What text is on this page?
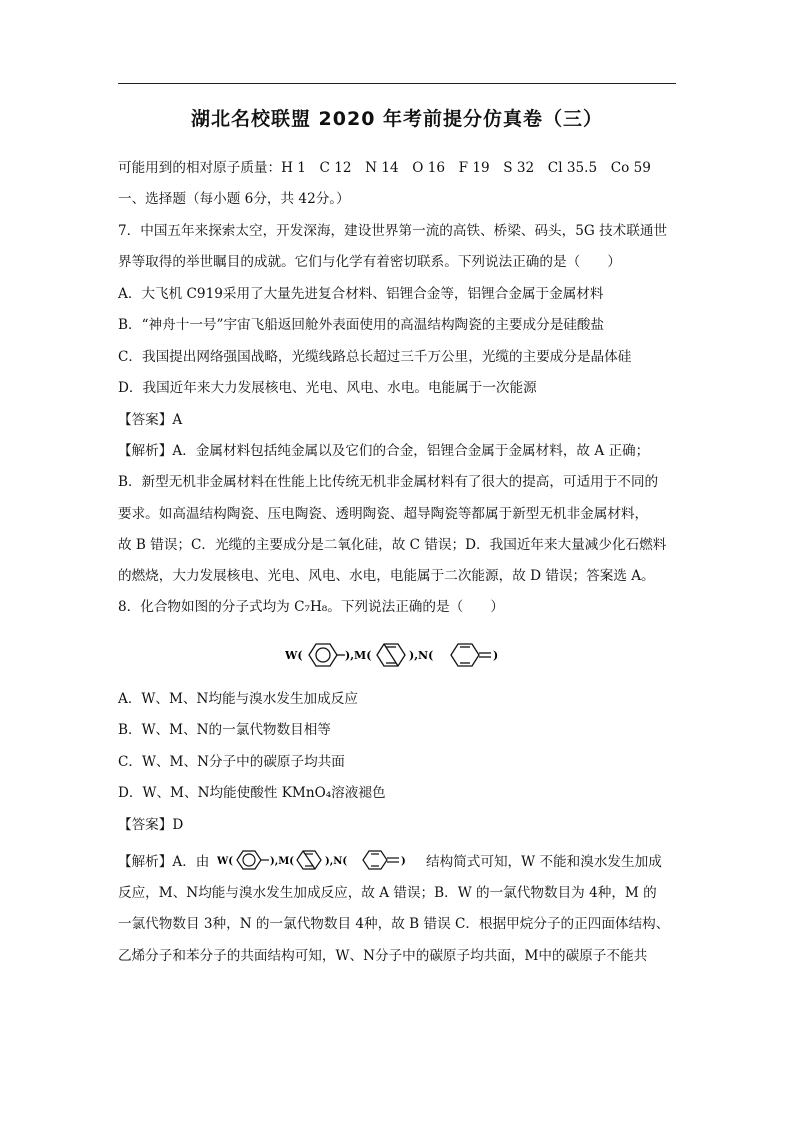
湖北名校联盟 2020 年考前提分仿真卷（三）
可能用到的相对原子质量：H 1　C 12　N 14　O 16　F 19　S 32　Cl 35.5　Co 59
一、选择题（每小题 6分，共 42分。）
7．中国五年来探索太空，开发深海，建设世界第一流的高铁、桥梁、码头，5G 技术联通世
界等取得的举世瞩目的成就。它们与化学有着密切联系。下列说法正确的是（　　）
A．大飞机 C919采用了大量先进复合材料、铝锂合金等，铝锂合金属于金属材料
B．“神舟十一号”宇宙飞船返回舱外表面使用的高温结构陶瓷的主要成分是硅酸盐
C．我国提出网络强国战略，光缆线路总长超过三千万公里，光缆的主要成分是晶体硅
D．我国近年来大力发展核电、光电、风电、水电。电能属于一次能源
【答案】A
【解析】A．金属材料包括纯金属以及它们的合金，铝锂合金属于金属材料，故 A 正确；
B．新型无机非金属材料在性能上比传统无机非金属材料有了很大的提高，可适用于不同的
要求。如高温结构陶瓷、压电陶瓷、透明陶瓷、超导陶瓷等都属于新型无机非金属材料，
故 B 错误；C．光缆的主要成分是二氧化硅，故 C 错误；D．我国近年来大量减少化石燃料
的燃烧，大力发展核电、光电、风电、水电，电能属于二次能源，故 D 错误；答案选 A。
8．化合物如图的分子式均为 C₇H₈。下列说法正确的是（　　）
W(	),M(	),N(	)
A．W、M、N均能与溴水发生加成反应
B．W、M、N的一氯代物数目相等
C．W、M、N分子中的碳原子均共面
D．W、M、N均能使酸性 KMnO₄溶液褪色
【答案】D
【解析】A．由 W(	),M(	),N(	) 结构简式可知，W 不能和溴水发生加成
反应，M、N均能与溴水发生加成反应，故 A 错误；B．W 的一氯代物数目为 4种，M 的
一氯代物数目 3种，N 的一氯代物数目 4种，故 B 错误 C．根据甲烷分子的正四面体结构、
乙烯分子和苯分子的共面结构可知，W、N分子中的碳原子均共面，M中的碳原子不能共
